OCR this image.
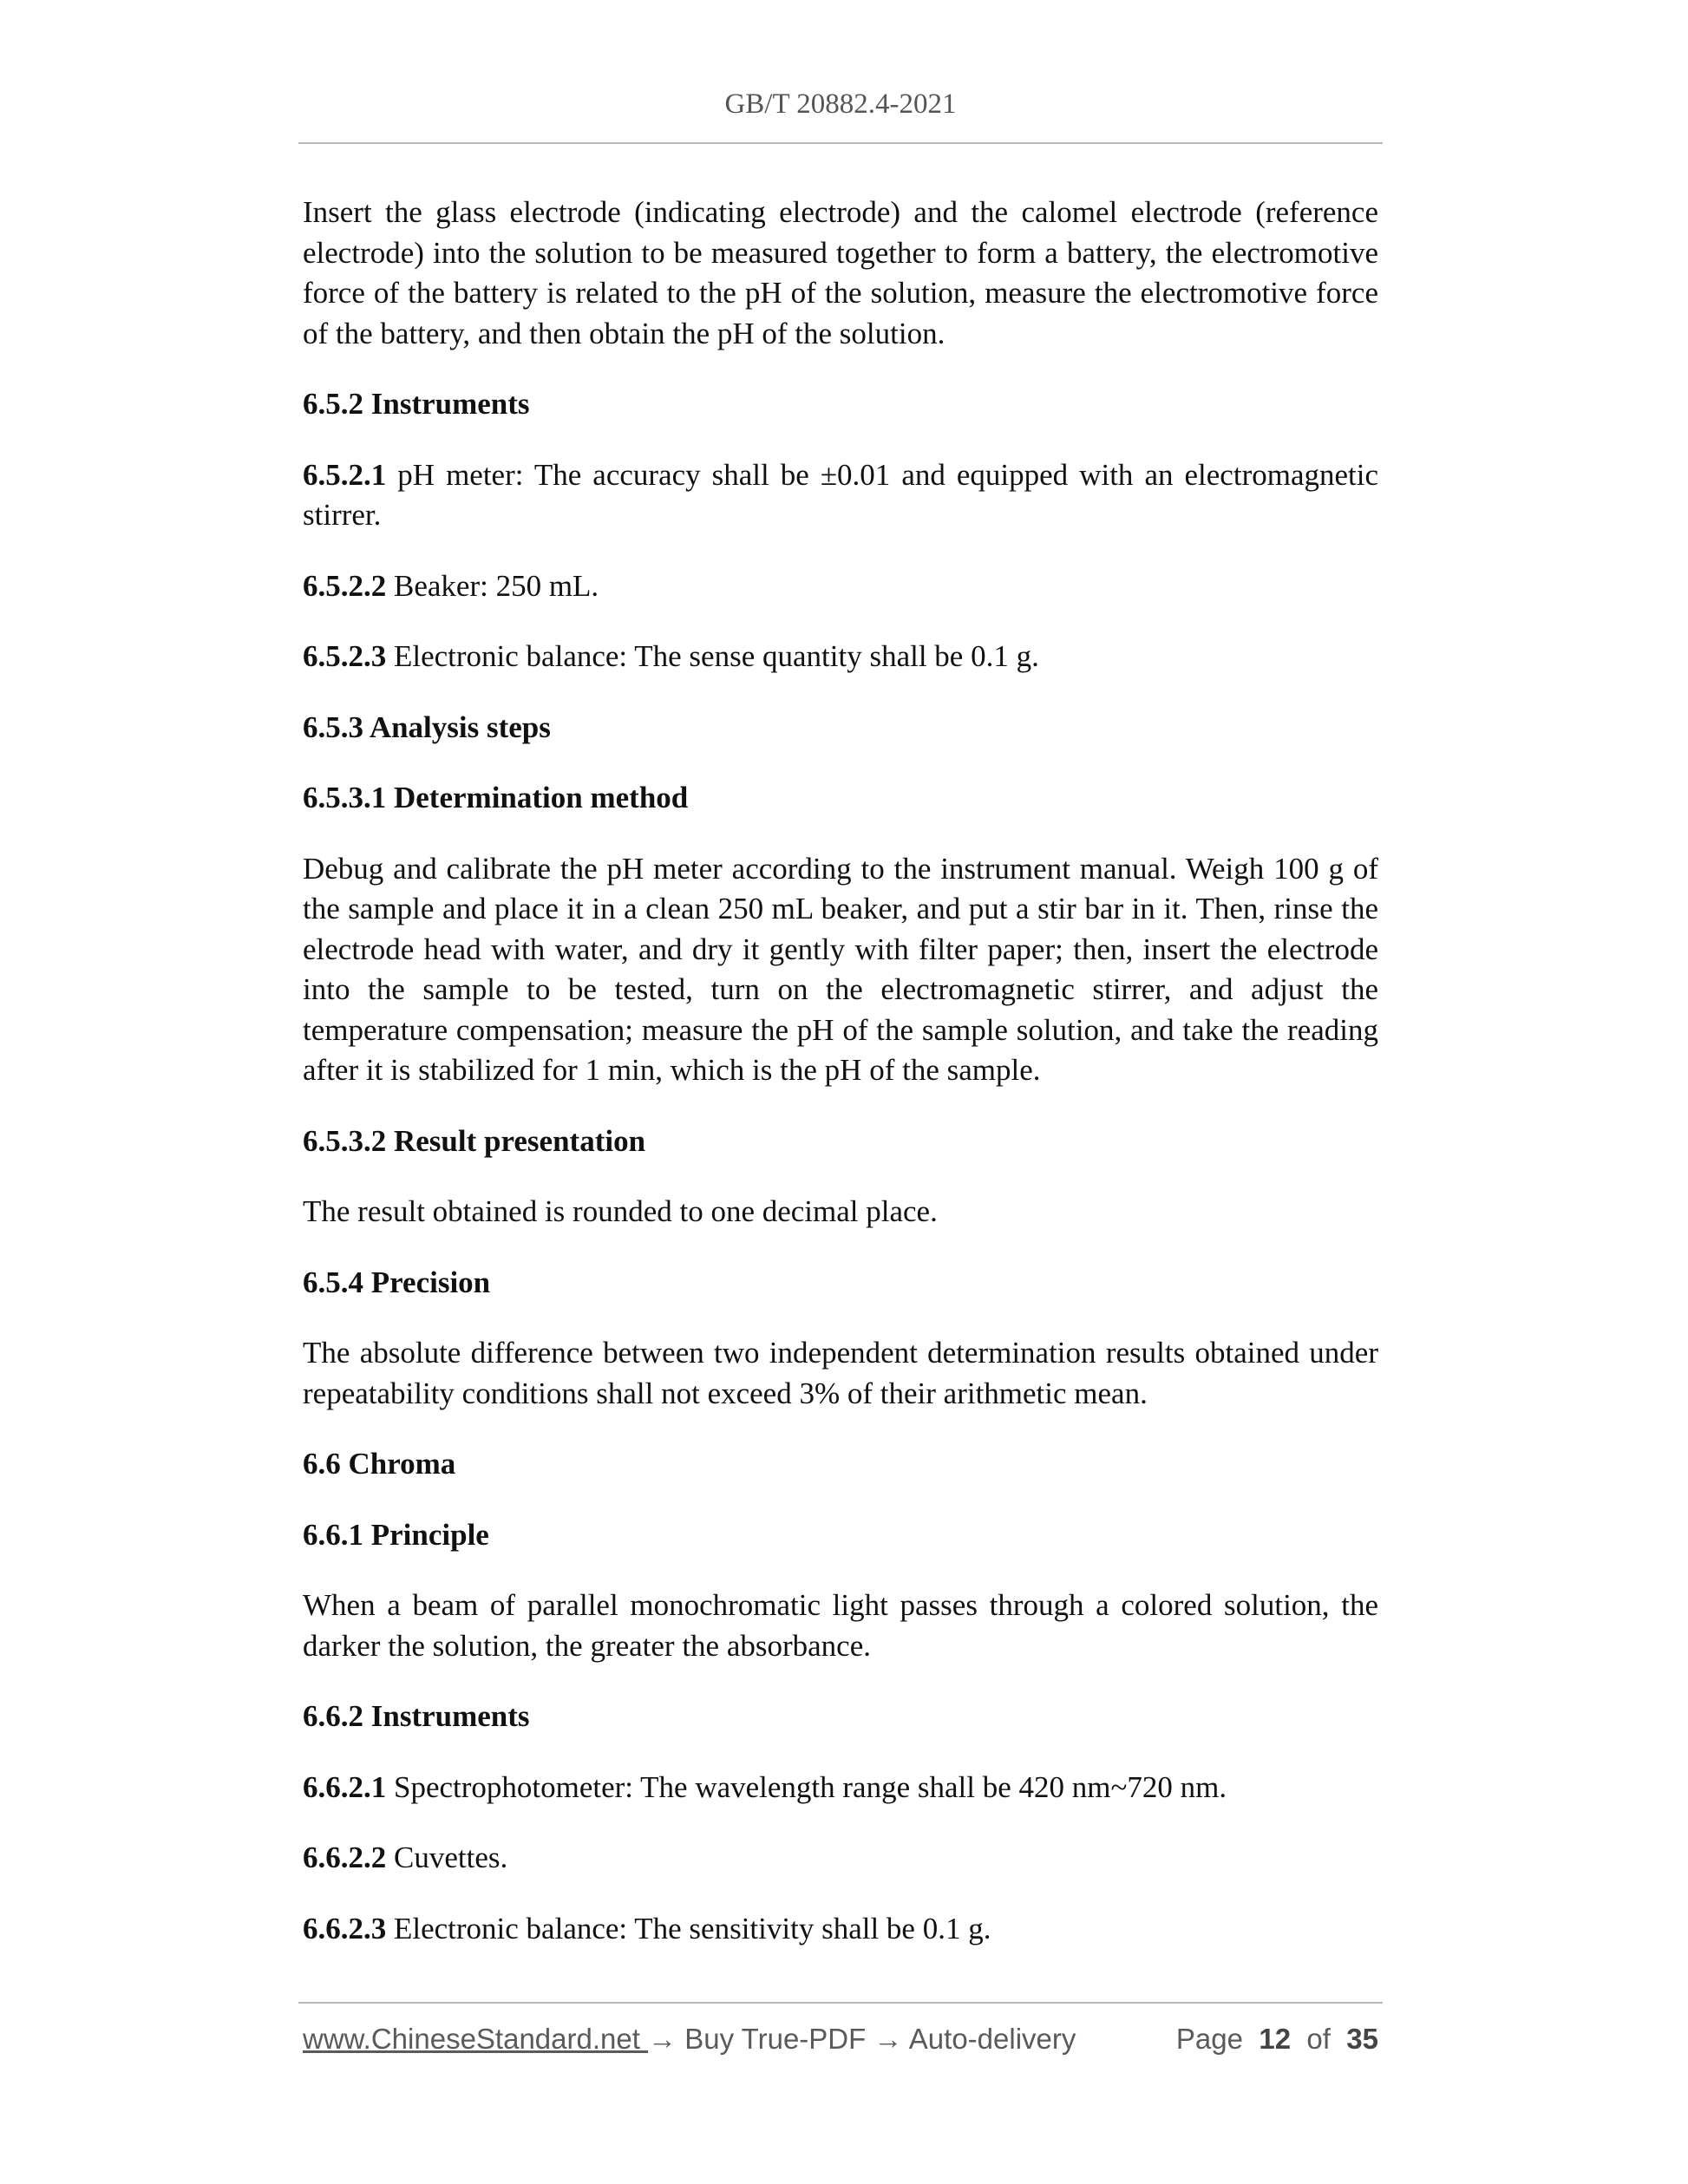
GB/T 20882.4-2021

Insert the glass electrode (indicating electrode) and the calomel electrode (reference electrode) into the solution to be measured together to form a battery, the electromotive force of the battery is related to the pH of the solution, measure the electromotive force of the battery, and then obtain the pH of the solution.

6.5.2 Instruments

6.5.2.1 pH meter: The accuracy shall be ±0.01 and equipped with an electromagnetic stirrer.

6.5.2.2 Beaker: 250 mL.

6.5.2.3 Electronic balance: The sense quantity shall be 0.1 g.

6.5.3 Analysis steps

6.5.3.1 Determination method

Debug and calibrate the pH meter according to the instrument manual. Weigh 100 g of the sample and place it in a clean 250 mL beaker, and put a stir bar in it. Then, rinse the electrode head with water, and dry it gently with filter paper; then, insert the electrode into the sample to be tested, turn on the electromagnetic stirrer, and adjust the temperature compensation; measure the pH of the sample solution, and take the reading after it is stabilized for 1 min, which is the pH of the sample.

6.5.3.2 Result presentation

The result obtained is rounded to one decimal place.

6.5.4 Precision

The absolute difference between two independent determination results obtained under repeatability conditions shall not exceed 3% of their arithmetic mean.

6.6 Chroma

6.6.1 Principle

When a beam of parallel monochromatic light passes through a colored solution, the darker the solution, the greater the absorbance.

6.6.2 Instruments

6.6.2.1 Spectrophotometer: The wavelength range shall be 420 nm~720 nm.

6.6.2.2 Cuvettes.

6.6.2.3 Electronic balance: The sensitivity shall be 0.1 g.

www.ChineseStandard.net → Buy True-PDF → Auto-delivery	Page 12 of 35
